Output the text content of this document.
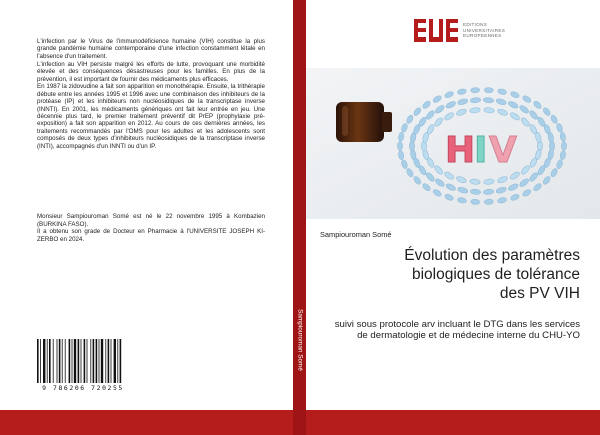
L'infection par le Virus de l'immunodéficience humaine (VIH) constitue la plus grande pandémie humaine contemporaine d'une infection constamment létale en l'absence d'un traitement.

L'infection au VIH persiste malgré les efforts de lutte, provoquant une morbidité élevée et des conséquences désastreuses pour les familles. En plus de la prévention, il est important de fournir des médicaments plus efficaces.

En 1987 la zidovudine a fait son apparition en monothérapie. Ensuite, la trithérapie débute entre les années 1995 et 1996 avec une combinaison des inhibiteurs de la protéase (IP) et les inhibiteurs non nucléosidiques de la transcriptase inverse (INNTI). En 2001, les médicaments génériques ont fait leur entrée en jeu. Une décennie plus tard, le premier traitement préventif dit PrEP (prophylaxie pré-exposition) a fait son apparition en 2012. Au cours de ces dernières années, les traitements recommandés par l'OMS pour les adultes et les adolescents sont composés de deux types d'inhibiteurs nucléosidiques de la transcriptase inverse (INTI), accompagnés d'un INNTI ou d'un IP.

Monsieur Sampiouroman Somé est né le 22 novembre 1995 à Kombazien (BURKINA FASO).

Il a obtenu son grade de Docteur en Pharmacie à l'UNIVERSITE JOSEPH KI-ZERBO en 2024.

9 786206 720255
Sampiouroman Somé
EDITIONS
UNIVERSITAIRES
EUROPEENNES
H
I V
Sampiouroman Somé
Évolution des paramètres
biologiques de tolérance
des PV VIH
suivi sous protocole arv incluant le DTG dans les services de dermatologie et de médecine interne du CHU-YO
